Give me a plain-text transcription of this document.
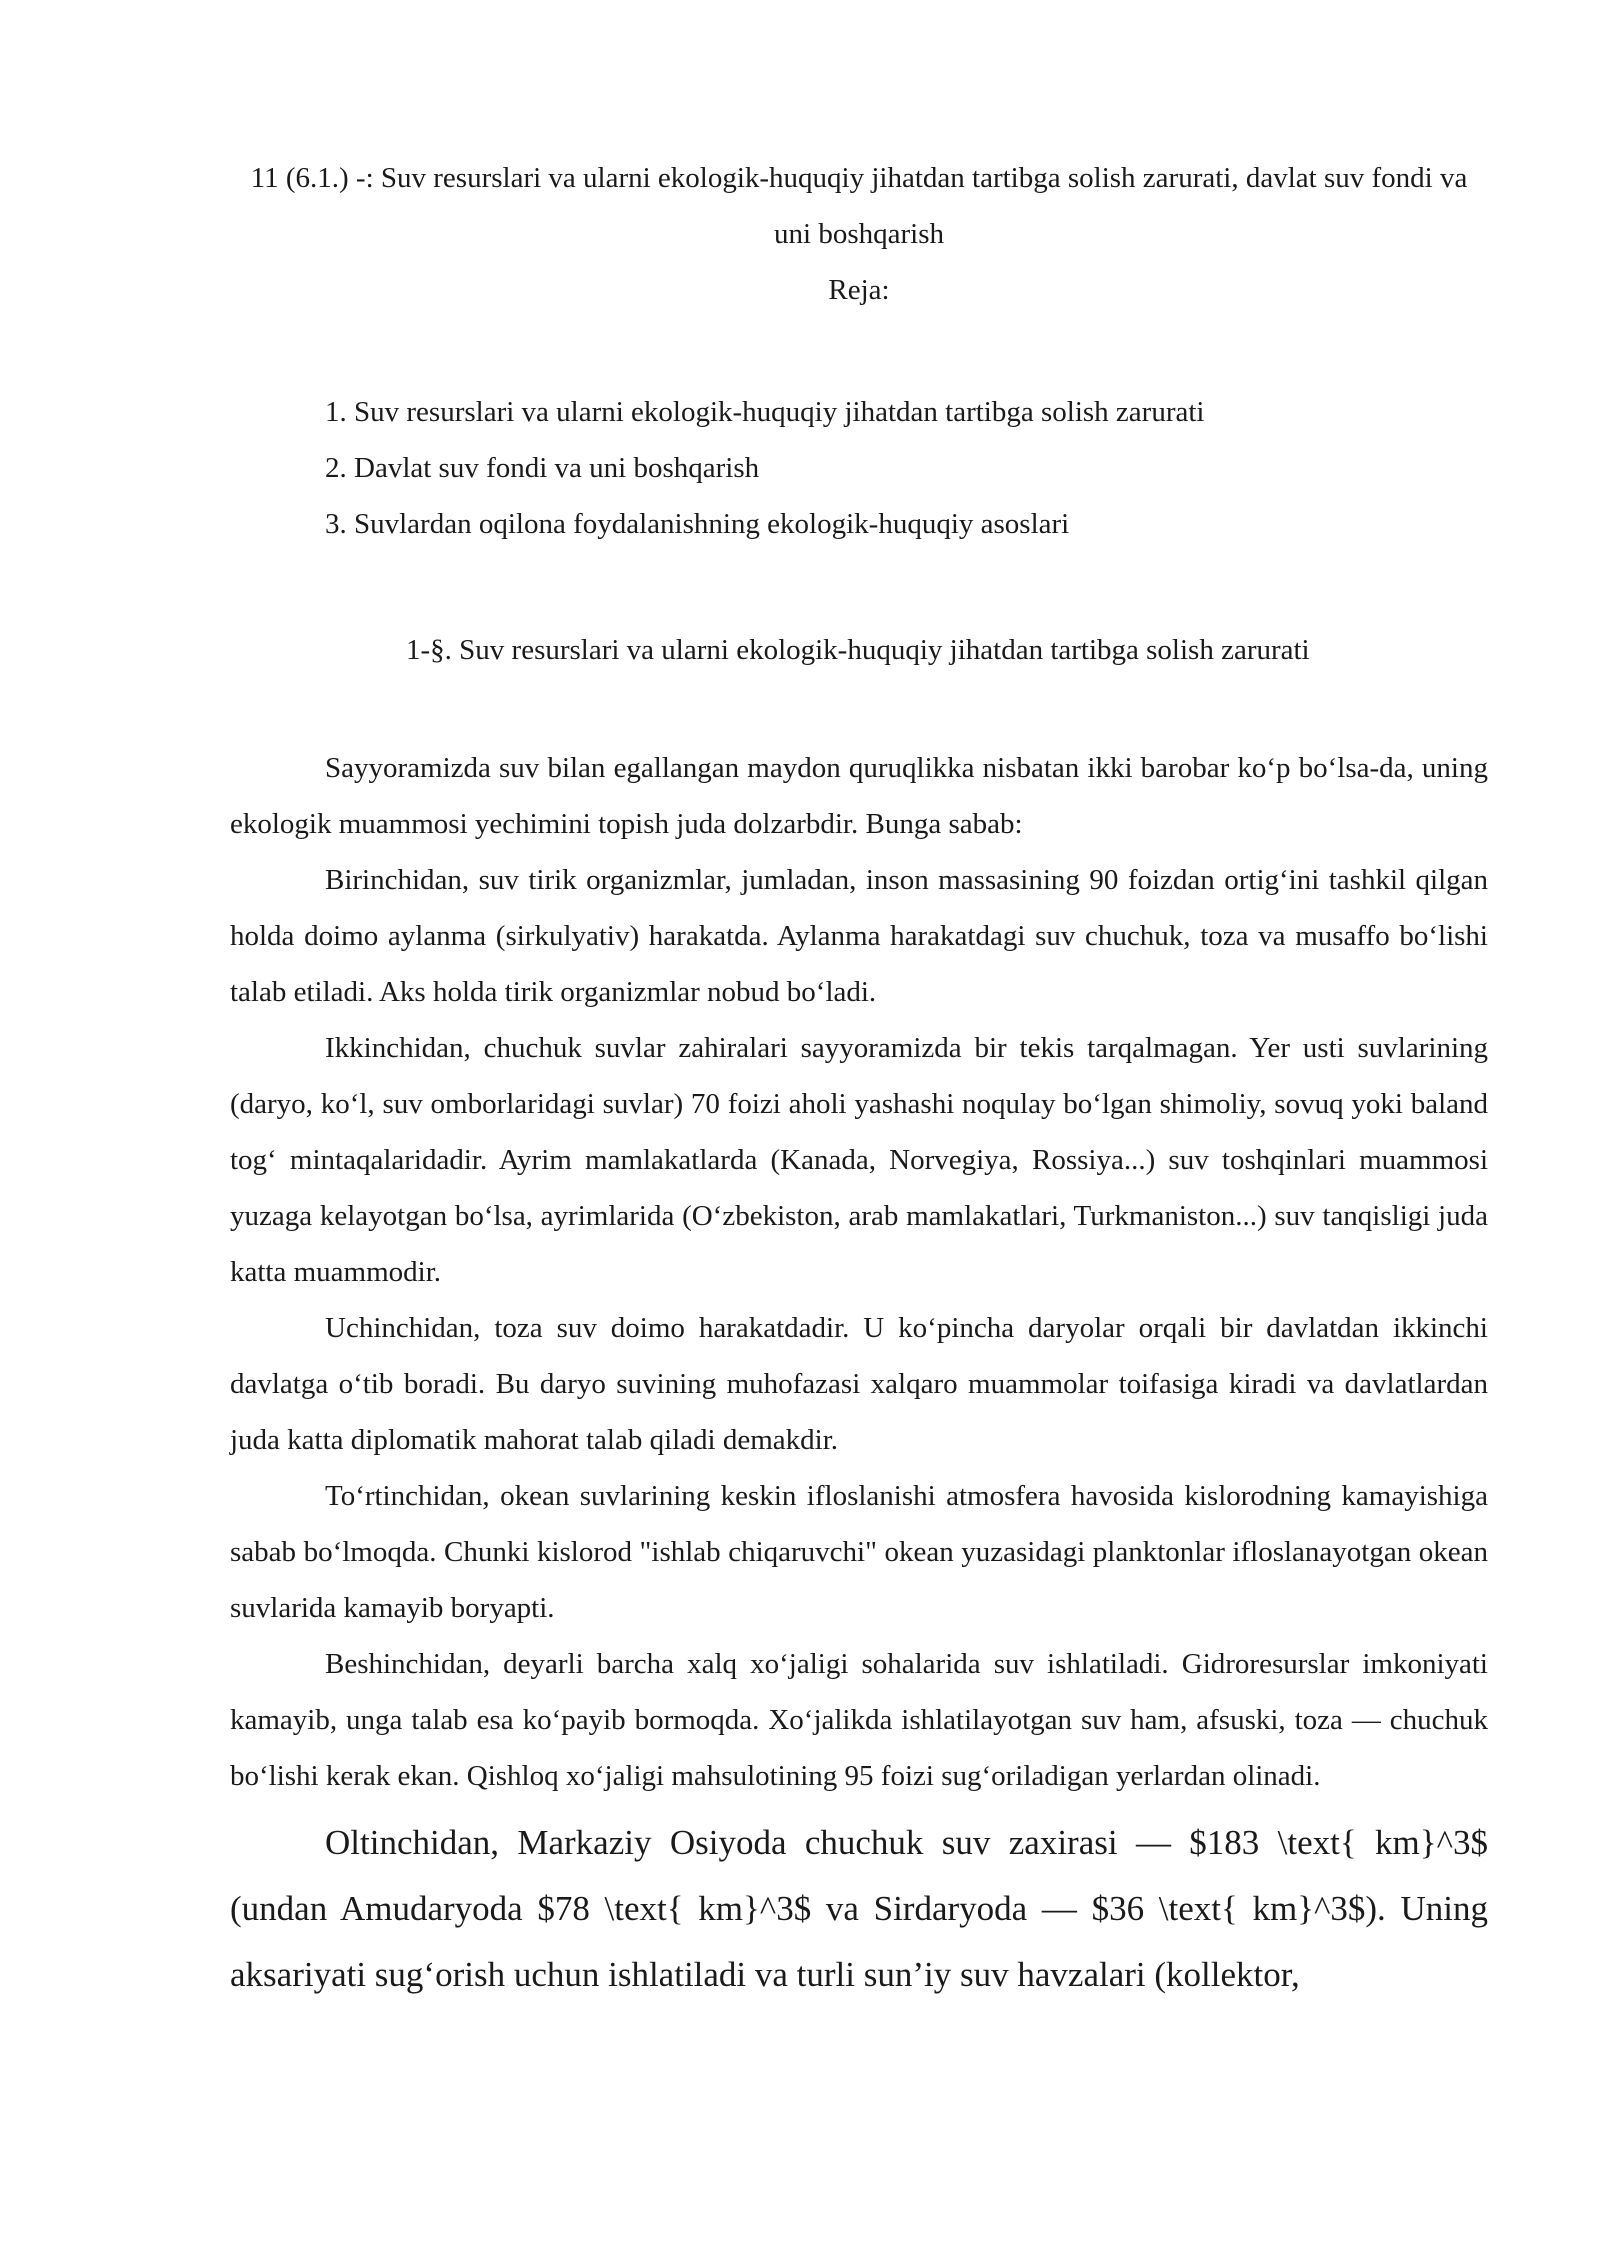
11 (6.1.) -: Suv resurslari va ularni ekologik-huquqiy jihatdan tartibga solish zarurati, davlat suv fondi va uni boshqarish

Reja:

1. Suv resurslari va ularni ekologik-huquqiy jihatdan tartibga solish zarurati
2. Davlat suv fondi va uni boshqarish
3. Suvlardan oqilona foydalanishning ekologik-huquqiy asoslari

1-§. Suv resurslari va ularni ekologik-huquqiy jihatdan tartibga solish zarurati

Sayyoramizda suv bilan egallangan maydon quruqlikka nisbatan ikki barobar ko‘p bo‘lsa-da, uning ekologik muammosi yechimini topish juda dolzarbdir. Bunga sabab:

Birinchidan, suv tirik organizmlar, jumladan, inson massasining 90 foizdan ortig‘ini tashkil qilgan holda doimo aylanma (sirkulyativ) harakatda. Aylanma harakatdagi suv chuchuk, toza va musaffo bo‘lishi talab etiladi. Aks holda tirik organizmlar nobud bo‘ladi.

Ikkinchidan, chuchuk suvlar zahiralari sayyoramizda bir tekis tarqalmagan. Yer usti suvlarining (daryo, ko‘l, suv omborlaridagi suvlar) 70 foizi aholi yashashi noqulay bo‘lgan shimoliy, sovuq yoki baland tog‘ mintaqalaridadir. Ayrim mamlakatlarda (Kanada, Norvegiya, Rossiya...) suv toshqinlari muammosi yuzaga kelayotgan bo‘lsa, ayrimlarida (O‘zbekiston, arab mamlakatlari, Turkmaniston...) suv tanqisligi juda katta muammodir.

Uchinchidan, toza suv doimo harakatdadir. U ko‘pincha daryolar orqali bir davlatdan ikkinchi davlatga o‘tib boradi. Bu daryo suvining muhofazasi xalqaro muammolar toifasiga kiradi va davlatlardan juda katta diplomatik mahorat talab qiladi demakdir.

To‘rtinchidan, okean suvlarining keskin ifloslanishi atmosfera havosida kislorodning kamayishiga sabab bo‘lmoqda. Chunki kislorod "ishlab chiqaruvchi" okean yuzasidagi planktonlar ifloslanayotgan okean suvlarida kamayib boryapti.

Beshinchidan, deyarli barcha xalq xo‘jaligi sohalarida suv ishlatiladi. Gidroresurslar imkoniyati kamayib, unga talab esa ko‘payib bormoqda. Xo‘jalikda ishlatilayotgan suv ham, afsuski, toza — chuchuk bo‘lishi kerak ekan. Qishloq xo‘jaligi mahsulotining 95 foizi sug‘oriladigan yerlardan olinadi.

Oltinchidan, Markaziy Osiyoda chuchuk suv zaxirasi — $183 \text{ km}^3$ (undan Amudaryoda $78 \text{ km}^3$ va Sirdaryoda — $36 \text{ km}^3$). Uning aksariyati sug‘orish uchun ishlatiladi va turli sun’iy suv havzalari (kollektor,
